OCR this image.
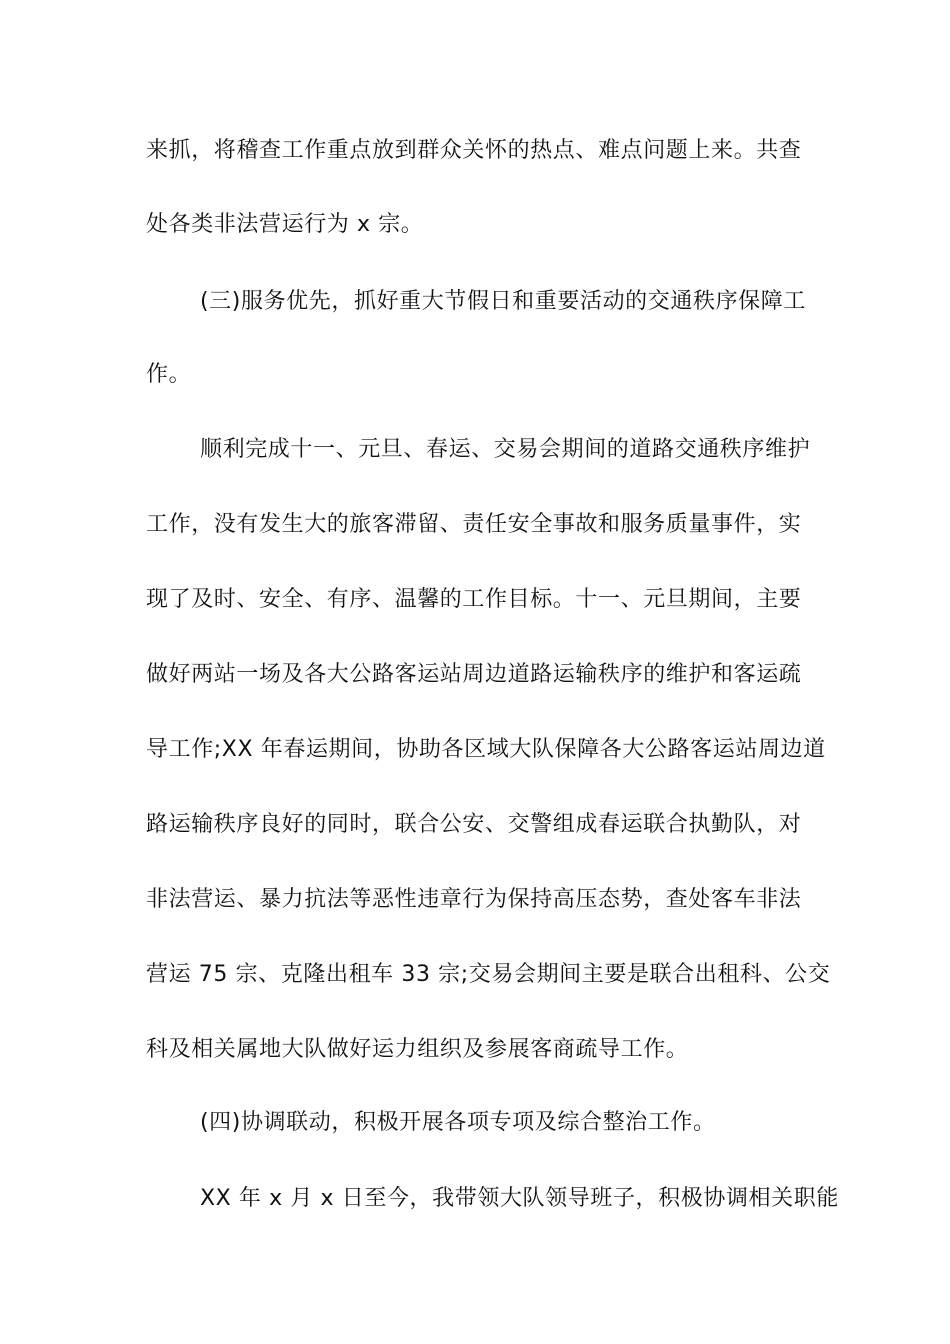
来抓，将稽查工作重点放到群众关怀的热点、难点问题上来。共查
处各类非法营运行为 x 宗。
(三)服务优先，抓好重大节假日和重要活动的交通秩序保障工
作。
顺利完成十一、元旦、春运、交易会期间的道路交通秩序维护
工作，没有发生大的旅客滞留、责任安全事故和服务质量事件，实
现了及时、安全、有序、温馨的工作目标。十一、元旦期间，主要
做好两站一场及各大公路客运站周边道路运输秩序的维护和客运疏
导工作;XX 年春运期间，协助各区域大队保障各大公路客运站周边道
路运输秩序良好的同时，联合公安、交警组成春运联合执勤队，对
非法营运、暴力抗法等恶性违章行为保持高压态势，查处客车非法
营运 75 宗、克隆出租车 33 宗;交易会期间主要是联合出租科、公交
科及相关属地大队做好运力组织及参展客商疏导工作。
(四)协调联动，积极开展各项专项及综合整治工作。
XX 年 x 月 x 日至今，我带领大队领导班子，积极协调相关职能
